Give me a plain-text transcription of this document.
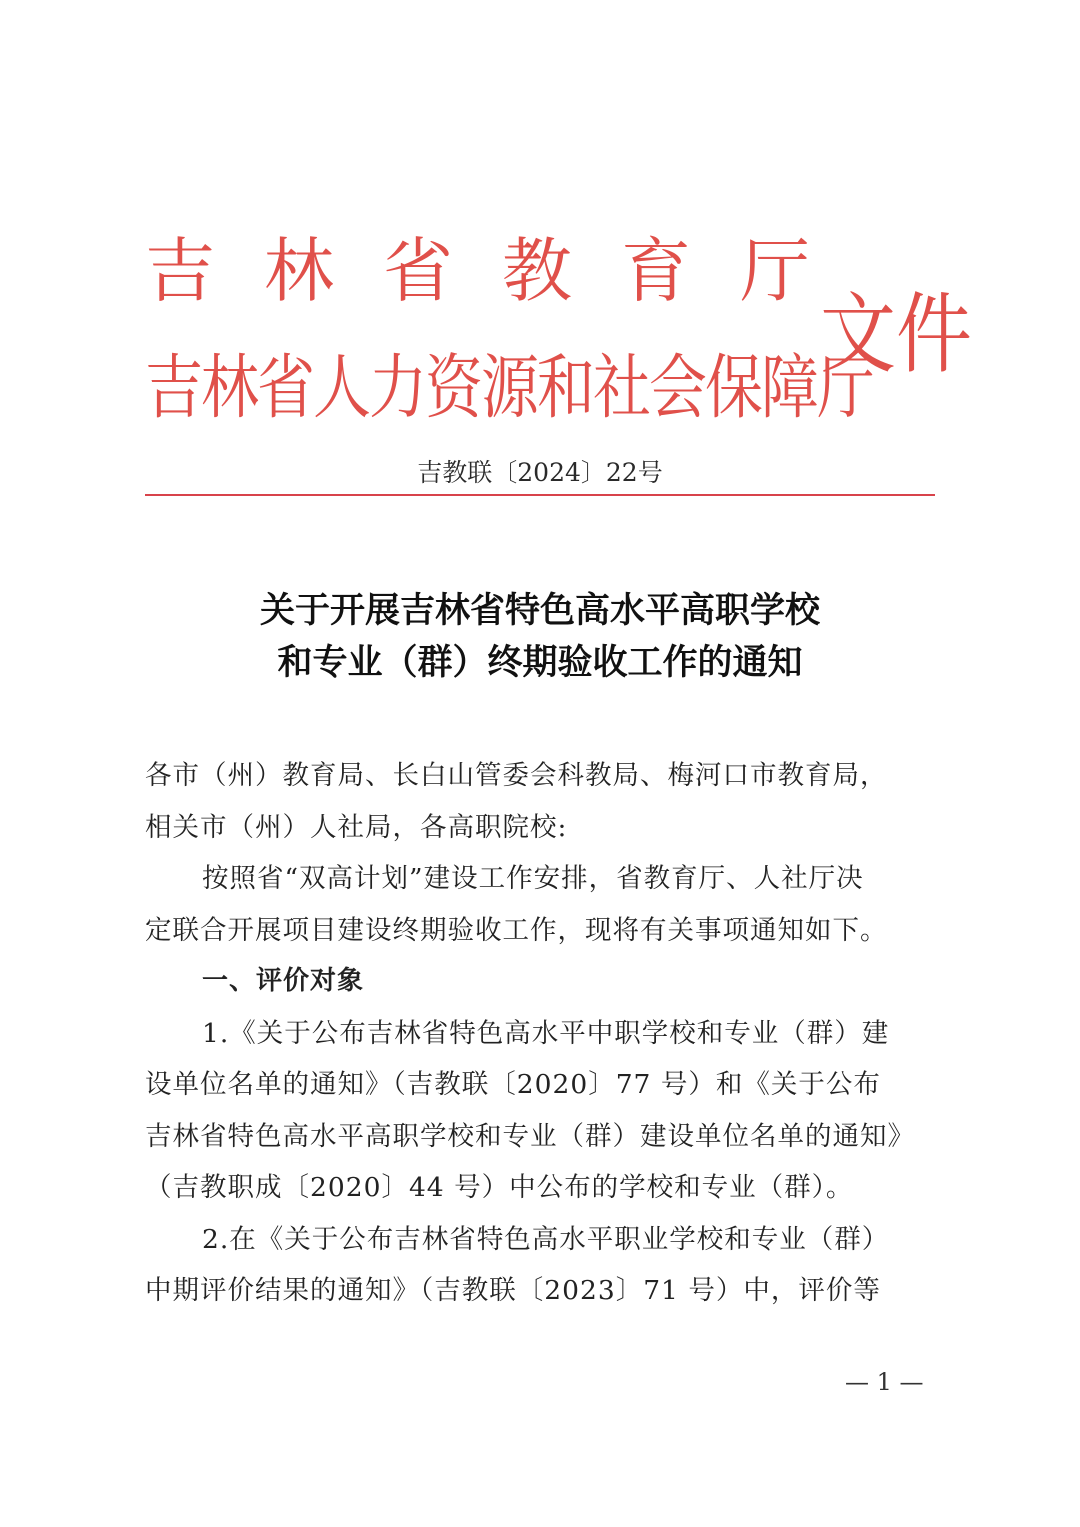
吉 林 省 教 育 厅
吉林省人力资源和社会保障厅
文件
吉教联〔2024〕22号
关于开展吉林省特色高水平高职学校
和专业（群）终期验收工作的通知
各市（州）教育局、长白山管委会科教局、梅河口市教育局，
相关市（州）人社局，各高职院校:
按照省“双高计划”建设工作安排，省教育厅、人社厅决
定联合开展项目建设终期验收工作，现将有关事项通知如下。
一、评价对象
1.《关于公布吉林省特色高水平中职学校和专业（群）建
设单位名单的通知》（吉教联〔2020〕77 号）和《关于公布
吉林省特色高水平高职学校和专业（群）建设单位名单的通知》
（吉教职成〔2020〕44 号）中公布的学校和专业（群）。
2.在《关于公布吉林省特色高水平职业学校和专业（群）
中期评价结果的通知》（吉教联〔2023〕71 号）中，评价等
— 1 —
